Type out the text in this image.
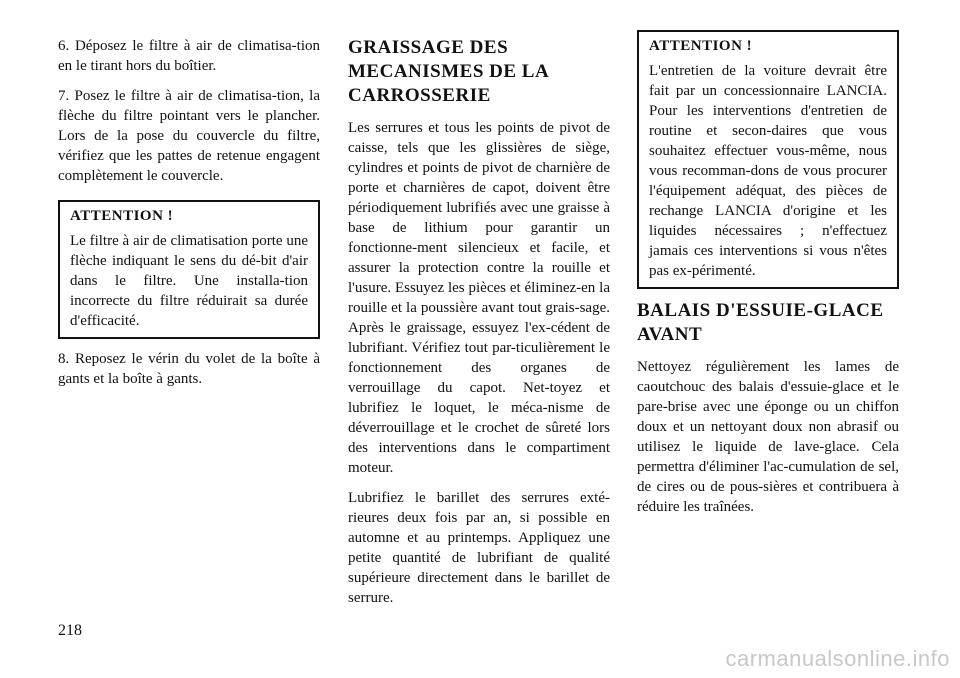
6. Déposez le filtre à air de climatisa-tion en le tirant hors du boîtier.

7. Posez le filtre à air de climatisa-tion, la flèche du filtre pointant vers le plancher. Lors de la pose du couvercle du filtre, vérifiez que les pattes de retenue engagent complètement le couvercle.

ATTENTION !

Le filtre à air de climatisation porte une flèche indiquant le sens du dé-bit d'air dans le filtre. Une installa-tion incorrecte du filtre réduirait sa durée d'efficacité.

8. Reposez le vérin du volet de la boîte à gants et la boîte à gants.

GRAISSAGE DES MECANISMES DE LA CARROSSERIE

Les serrures et tous les points de pivot de caisse, tels que les glissières de siège, cylindres et points de pivot de charnière de porte et charnières de capot, doivent être périodiquement lubrifiés avec une graisse à base de lithium pour garantir un fonctionne-ment silencieux et facile, et assurer la protection contre la rouille et l'usure. Essuyez les pièces et éliminez-en la rouille et la poussière avant tout grais-sage. Après le graissage, essuyez l'ex-cédent de lubrifiant. Vérifiez tout par-ticulièrement le fonctionnement des organes de verrouillage du capot. Net-toyez et lubrifiez le loquet, le méca-nisme de déverrouillage et le crochet de sûreté lors des interventions dans le compartiment moteur.

Lubrifiez le barillet des serrures exté-rieures deux fois par an, si possible en automne et au printemps. Appliquez une petite quantité de lubrifiant de qualité supérieure directement dans le barillet de serrure.

ATTENTION !

L'entretien de la voiture devrait être fait par un concessionnaire LANCIA. Pour les interventions d'entretien de routine et secon-daires que vous souhaitez effectuer vous-même, nous vous recomman-dons de vous procurer l'équipement adéquat, des pièces de rechange LANCIA d'origine et les liquides nécessaires ; n'effectuez jamais ces interventions si vous n'êtes pas ex-périmenté.

BALAIS D'ESSUIE-GLACE AVANT

Nettoyez régulièrement les lames de caoutchouc des balais d'essuie-glace et le pare-brise avec une éponge ou un chiffon doux et un nettoyant doux non abrasif ou utilisez le liquide de lave-glace. Cela permettra d'éliminer l'ac-cumulation de sel, de cires ou de pous-sières et contribuera à réduire les traînées.

218
carmanualsonline.info
